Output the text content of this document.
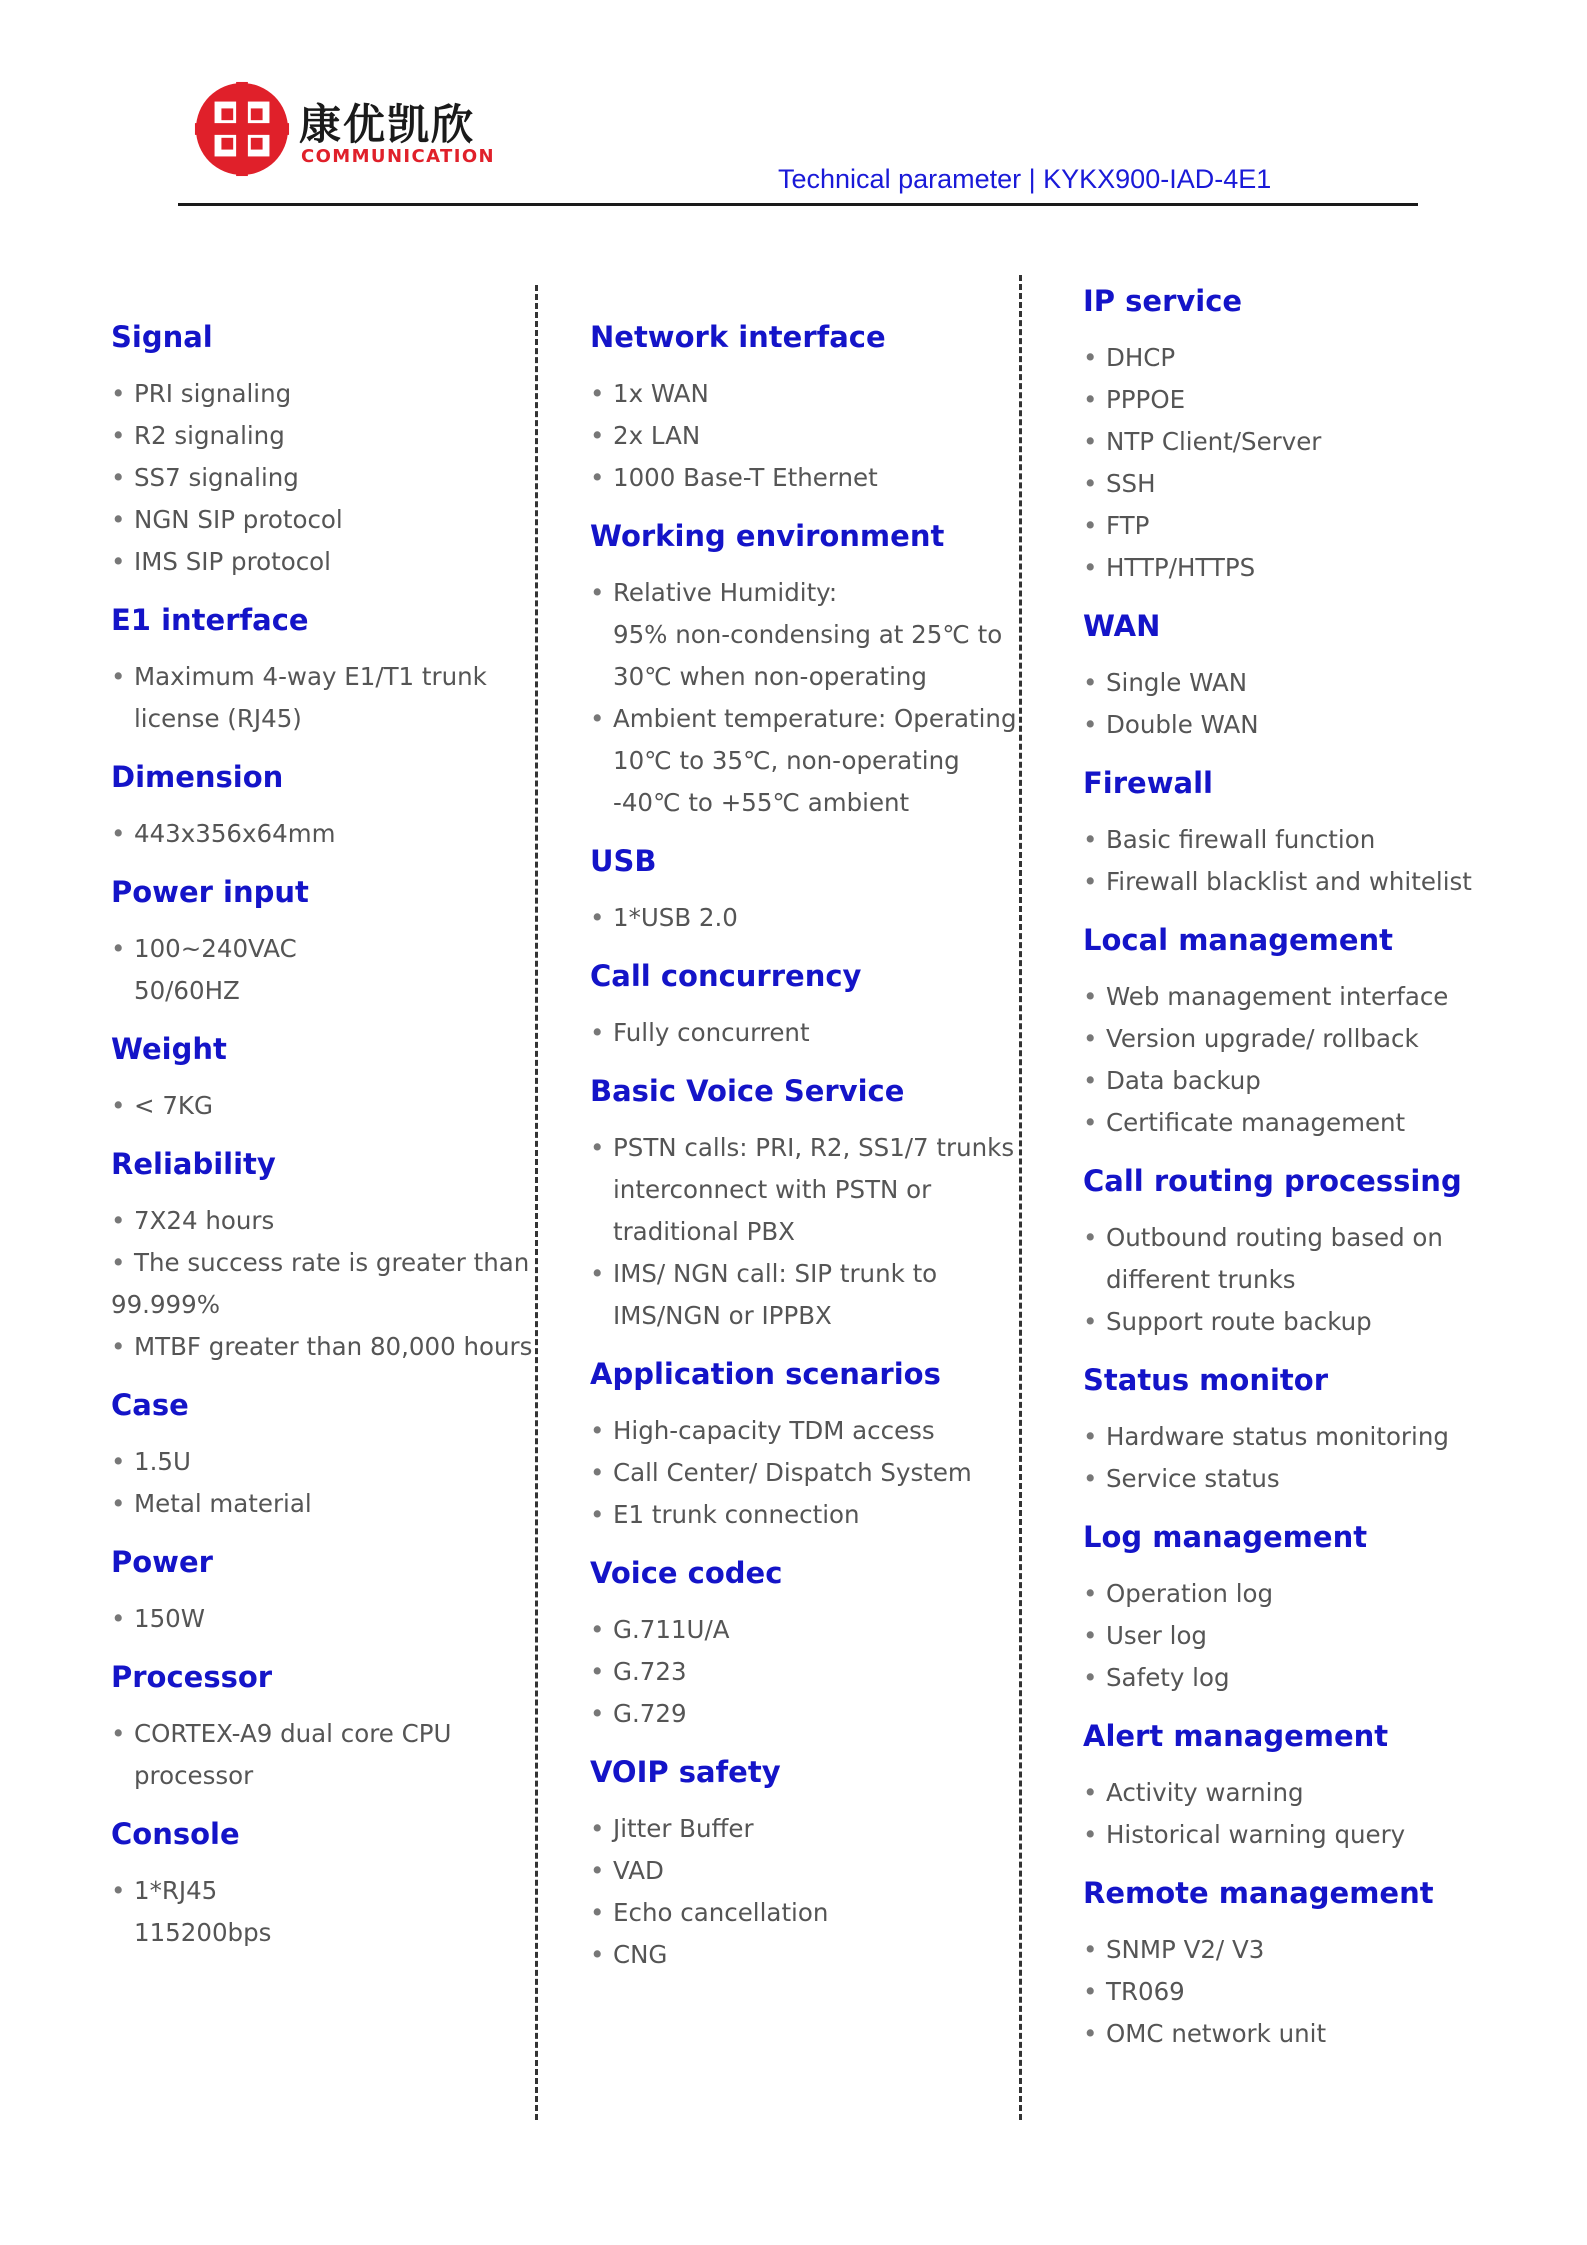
康优凯欣
COMMUNICATION
Technical parameter | KYKX900-IAD-4E1
Signal
• PRI signaling
• R2 signaling
• SS7 signaling
• NGN SIP protocol
• IMS SIP protocol
E1 interface
• Maximum 4-way E1/T1 trunk
license (RJ45)
Dimension
• 443x356x64mm
Power input
• 100~240VAC
50/60HZ
Weight
• < 7KG
Reliability
• 7X24 hours
• The success rate is greater than
99.999%
• MTBF greater than 80,000 hours
Case
• 1.5U
• Metal material
Power
• 150W
Processor
• CORTEX-A9 dual core CPU
processor
Console
• 1*RJ45
115200bps
Network interface
• 1x WAN
• 2x LAN
• 1000 Base-T Ethernet
Working environment
• Relative Humidity:
95% non-condensing at 25℃ to
30℃ when non-operating
• Ambient temperature: Operating
10℃ to 35℃, non-operating
-40℃ to +55℃ ambient
USB
• 1*USB 2.0
Call concurrency
• Fully concurrent
Basic Voice Service
• PSTN calls: PRI, R2, SS1/7 trunks
interconnect with PSTN or
traditional PBX
• IMS/ NGN call: SIP trunk to
IMS/NGN or IPPBX
Application scenarios
• High-capacity TDM access
• Call Center/ Dispatch System
• E1 trunk connection
Voice codec
• G.711U/A
• G.723
• G.729
VOIP safety
• Jitter Buffer
• VAD
• Echo cancellation
• CNG
IP service
• DHCP
• PPPOE
• NTP Client/Server
• SSH
• FTP
• HTTP/HTTPS
WAN
• Single WAN
• Double WAN
Firewall
• Basic firewall function
• Firewall blacklist and whitelist
Local management
• Web management interface
• Version upgrade/ rollback
• Data backup
• Certificate management
Call routing processing
• Outbound routing based on
different trunks
• Support route backup
Status monitor
• Hardware status monitoring
• Service status
Log management
• Operation log
• User log
• Safety log
Alert management
• Activity warning
• Historical warning query
Remote management
• SNMP V2/ V3
• TR069
• OMC network unit
